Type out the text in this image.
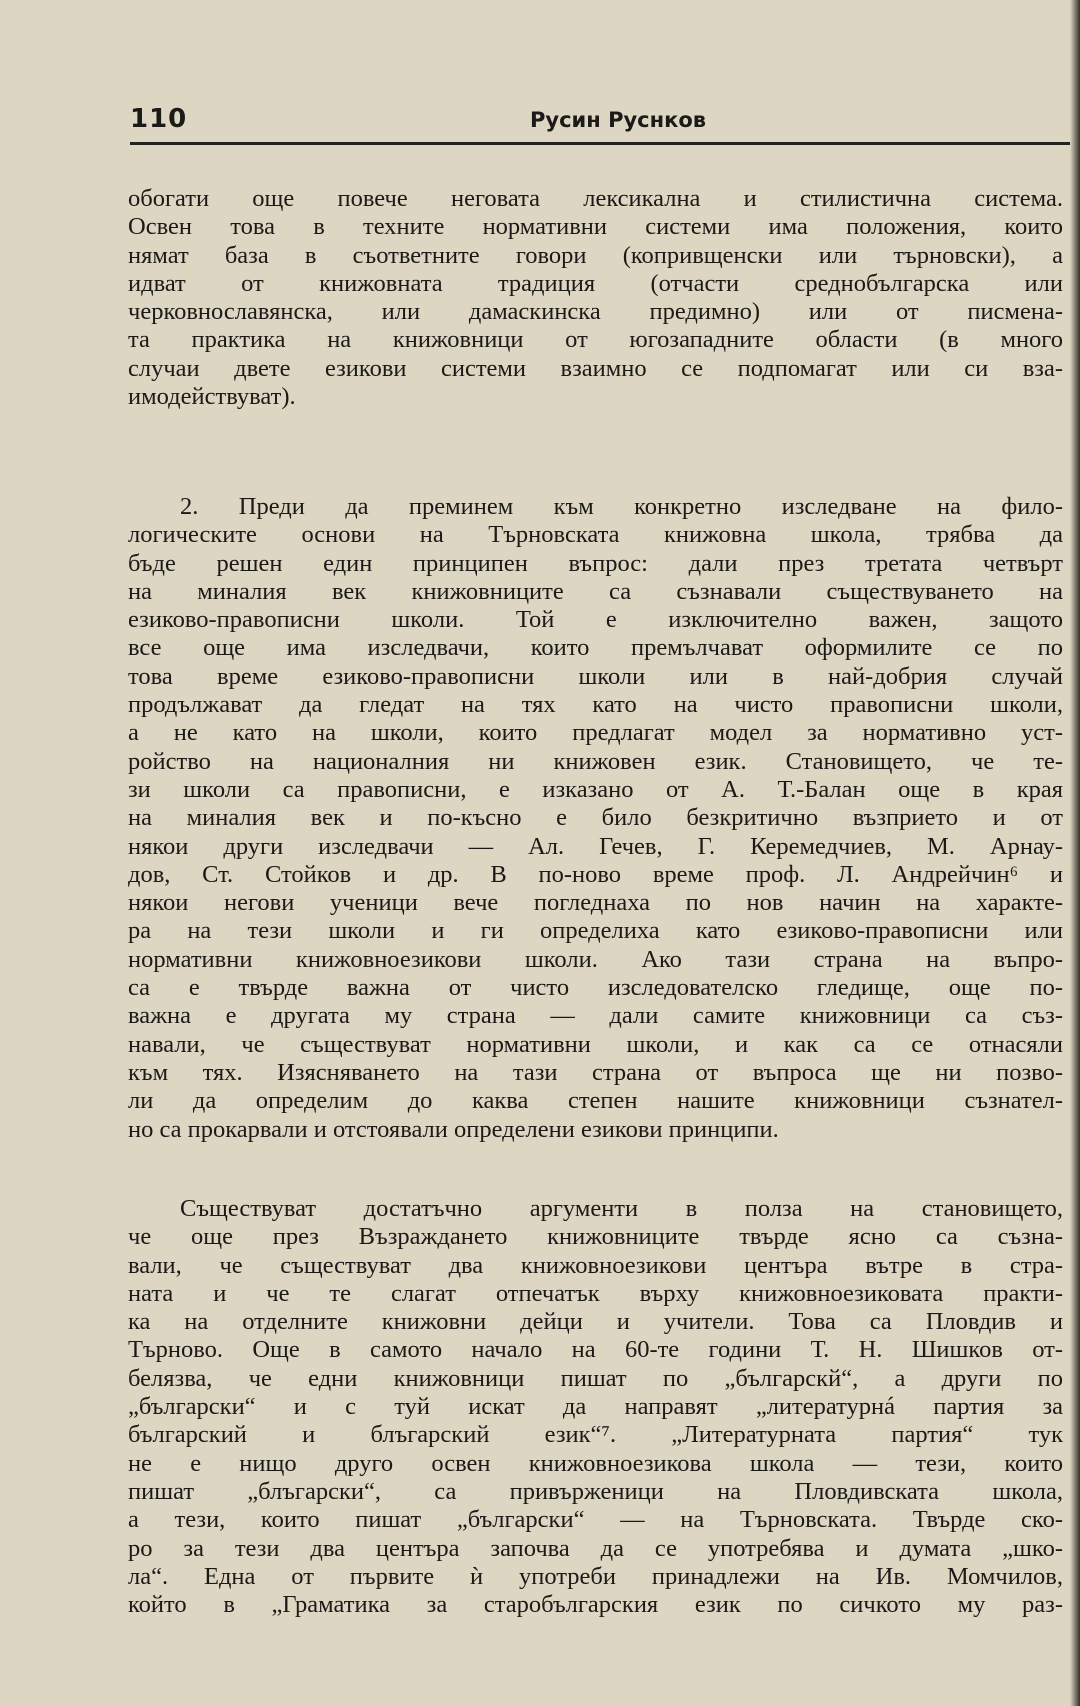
110	Русин Руснков
обогати още повече неговата лексикална и стилистична система.
Освен това в техните нормативни системи има положения, които
нямат база в съответните говори (копривщенски или търновски), а
идват от книжовната традиция (отчасти среднобългарска или
черковнославянска, или дамаскинска предимно) или от писмена-
та практика на книжовници от югозападните области (в много
случаи двете езикови системи взаимно се подпомагат или си вза-
имодействуват).
2. Преди да преминем към конкретно изследване на фило-
логическите основи на Търновската книжовна школа, трябва да
бъде решен един принципен въпрос: дали през третата четвърт
на миналия век книжовниците са съзнавали съществуването на
езиково-правописни школи. Той е изключително важен, защото
все още има изследвачи, които премълчават оформилите се по
това време езиково-правописни школи или в най-добрия случай
продължават да гледат на тях като на чисто правописни школи,
а не като на школи, които предлагат модел за нормативно уст-
ройство на националния ни книжовен език. Становището, че те-
зи школи са правописни, е изказано от А. Т.-Балан още в края
на миналия век и по-късно е било безкритично възприето и от
някои други изследвачи — Ал. Гечев, Г. Керемедчиев, М. Арнау-
дов, Ст. Стойков и др. В по-ново време проф. Л. Андрейчин⁶ и
някои негови ученици вече погледнаха по нов начин на характе-
ра на тези школи и ги определиха като езиково-правописни или
нормативни книжовноезикови школи. Ако тази страна на въпро-
са е твърде важна от чисто изследователско гледище, още по-
важна е другата му страна — дали самите книжовници са съз-
навали, че съществуват нормативни школи, и как са се отнасяли
към тях. Изясняването на тази страна от въпроса ще ни позво-
ли да определим до каква степен нашите книжовници съзнател-
но са прокарвали и отстоявали определени езикови принципи.
Съществуват достатъчно аргументи в полза на становището,
че още през Възраждането книжовниците твърде ясно са съзна-
вали, че съществуват два книжовноезикови центъра вътре в стра-
ната и че те слагат отпечатък върху книжовноезиковата практи-
ка на отделните книжовни дейци и учители. Това са Пловдив и
Търново. Още в самото начало на 60-те години Т. Н. Шишков от-
белязва, че едни книжовници пишат по „българскй“, а други по
„български“ и с туй искат да направят „литературнá партия за
българский и блъгарский език“⁷. „Литературната партия“ тук
не е нищо друго освен книжовноезикова школа — тези, които
пишат „блъгарски“, са привърженици на Пловдивската школа,
а тези, които пишат „български“ — на Търновската. Твърде ско-
ро за тези два центъра започва да се употребява и думата „шко-
ла“. Една от първите ѝ употреби принадлежи на Ив. Момчилов,
който в „Граматика за старобългарския език по сичкото му раз-
